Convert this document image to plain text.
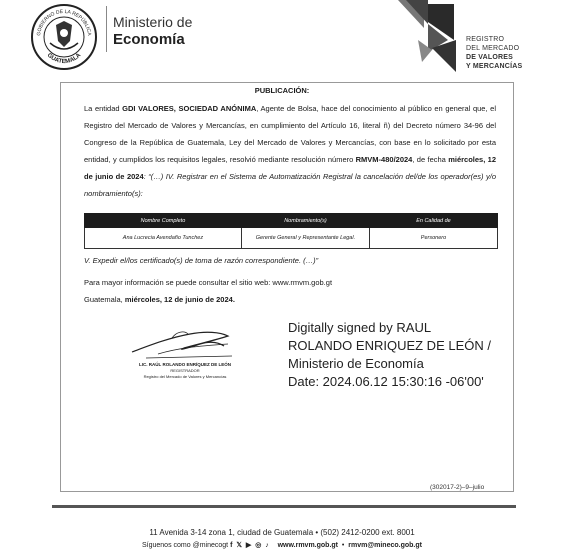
GOBIERNO DE LA REPÚBLICA
GUATEMALA
Ministerio de
Economía	REGISTRO
DEL MERCADO
DE VALORES
Y MERCANCÍAS
PUBLICACIÓN:
La entidad GDI VALORES, SOCIEDAD ANÓNIMA, Agente de Bolsa, hace del conocimiento al público en general que, el Registro del Mercado de Valores y Mercancías, en cumplimiento del Artículo 16, literal ñ) del Decreto número 34-96 del Congreso de la República de Guatemala, Ley del Mercado de Valores y Mercancías, con base en lo solicitado por esta entidad, y cumplidos los requisitos legales, resolvió mediante resolución número RMVM-480/2024, de fecha miércoles, 12 de junio de 2024: “(…) IV. Registrar en el Sistema de Automatización Registral la cancelación del/de los operador(es) y/o nombramiento(s):
Nombre Completo	Nombramiento(s)	En Calidad de
Ana Lucrecia Avendaño Tunchez	Gerente General y Representante Legal.	Personero
V. Expedir el/los certificado(s) de toma de razón correspondiente. (…)”
Para mayor información se puede consultar el sitio web: www.rmvm.gob.gt
Guatemala, miércoles, 12 de junio de 2024.
LIC. RAÚL ROLANDO ENRÍQUEZ DE LEÓN
REGISTRADOR
Registro del Mercado de Valores y Mercancías
Digitally signed by RAUL
ROLANDO ENRIQUEZ DE LEÓN /
Ministerio de Economía
Date: 2024.06.12 15:30:16 -06'00'
(302017-2)–9–julio
11 Avenida 3-14 zona 1, ciudad de Guatemala • (502) 2412-0200 ext. 8001
Síguenos como @minecogt f 𝕏 ▶ ◎ ♪ www.rmvm.gob.gt  •  rmvm@mineco.gob.gt
